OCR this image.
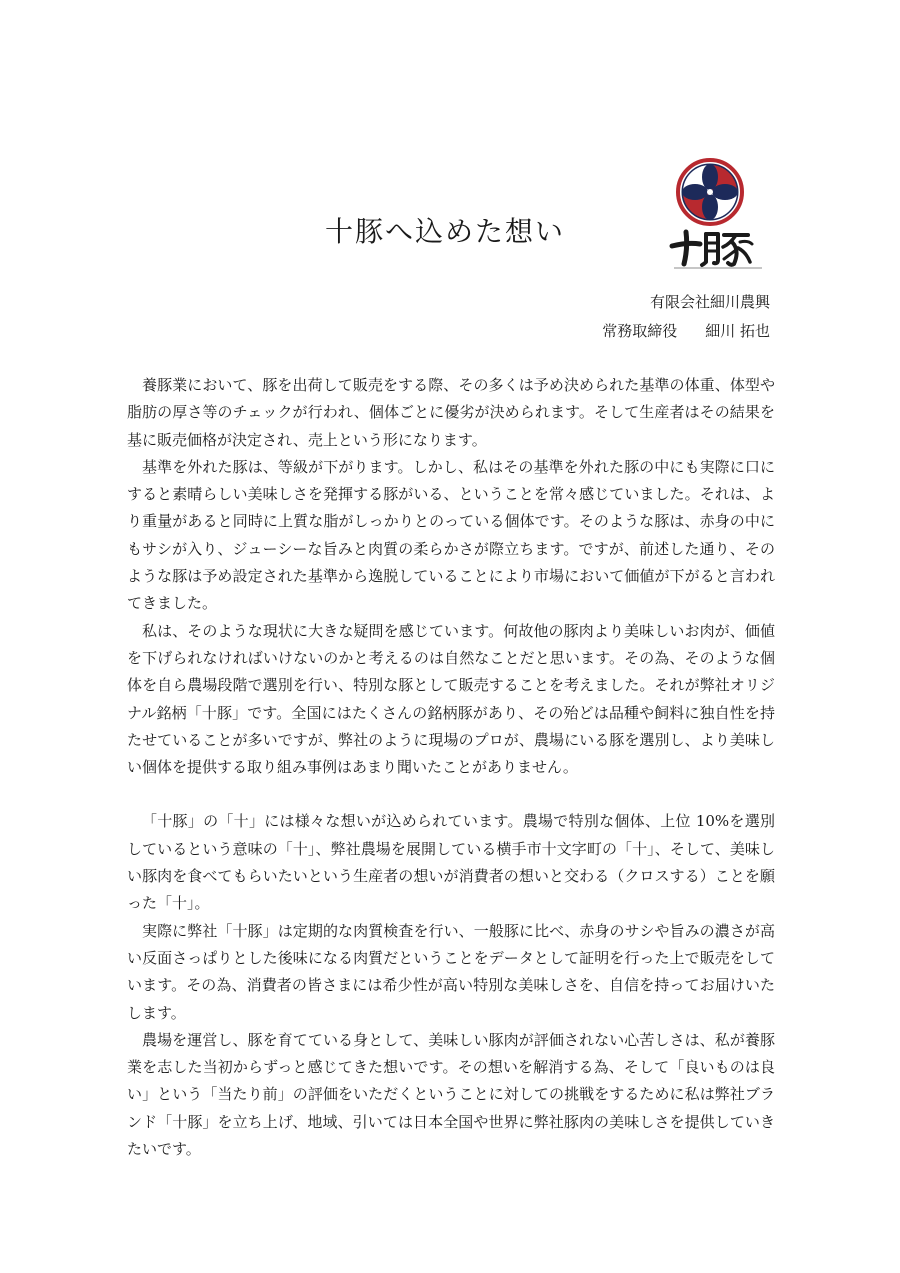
十豚へ込めた想い
有限会社細川農興
常務取締役 細川 拓也

養豚業において、豚を出荷して販売をする際、その多くは予め決められた基準の体重、体型や脂肪の厚さ等のチェックが行われ、個体ごとに優劣が決められます。そして生産者はその結果を基に販売価格が決定され、売上という形になります。

基準を外れた豚は、等級が下がります。しかし、私はその基準を外れた豚の中にも実際に口にすると素晴らしい美味しさを発揮する豚がいる、ということを常々感じていました。それは、より重量があると同時に上質な脂がしっかりとのっている個体です。そのような豚は、赤身の中にもサシが入り、ジューシーな旨みと肉質の柔らかさが際立ちます。ですが、前述した通り、そのような豚は予め設定された基準から逸脱していることにより市場において価値が下がると言われてきました。

私は、そのような現状に大きな疑問を感じています。何故他の豚肉より美味しいお肉が、価値を下げられなければいけないのかと考えるのは自然なことだと思います。その為、そのような個体を自ら農場段階で選別を行い、特別な豚として販売することを考えました。それが弊社オリジナル銘柄「十豚」です。全国にはたくさんの銘柄豚があり、その殆どは品種や飼料に独自性を持たせていることが多いですが、弊社のように現場のプロが、農場にいる豚を選別し、より美味しい個体を提供する取り組み事例はあまり聞いたことがありません。

「十豚」の「十」には様々な想いが込められています。農場で特別な個体、上位 10%を選別しているという意味の「十」、弊社農場を展開している横手市十文字町の「十」、そして、美味しい豚肉を食べてもらいたいという生産者の想いが消費者の想いと交わる（クロスする）ことを願った「十」。

実際に弊社「十豚」は定期的な肉質検査を行い、一般豚に比べ、赤身のサシや旨みの濃さが高い反面さっぱりとした後味になる肉質だということをデータとして証明を行った上で販売をしています。その為、消費者の皆さまには希少性が高い特別な美味しさを、自信を持ってお届けいたします。

農場を運営し、豚を育てている身として、美味しい豚肉が評価されない心苦しさは、私が養豚業を志した当初からずっと感じてきた想いです。その想いを解消する為、そして「良いものは良い」という「当たり前」の評価をいただくということに対しての挑戦をするために私は弊社ブランド「十豚」を立ち上げ、地域、引いては日本全国や世界に弊社豚肉の美味しさを提供していきたいです。
